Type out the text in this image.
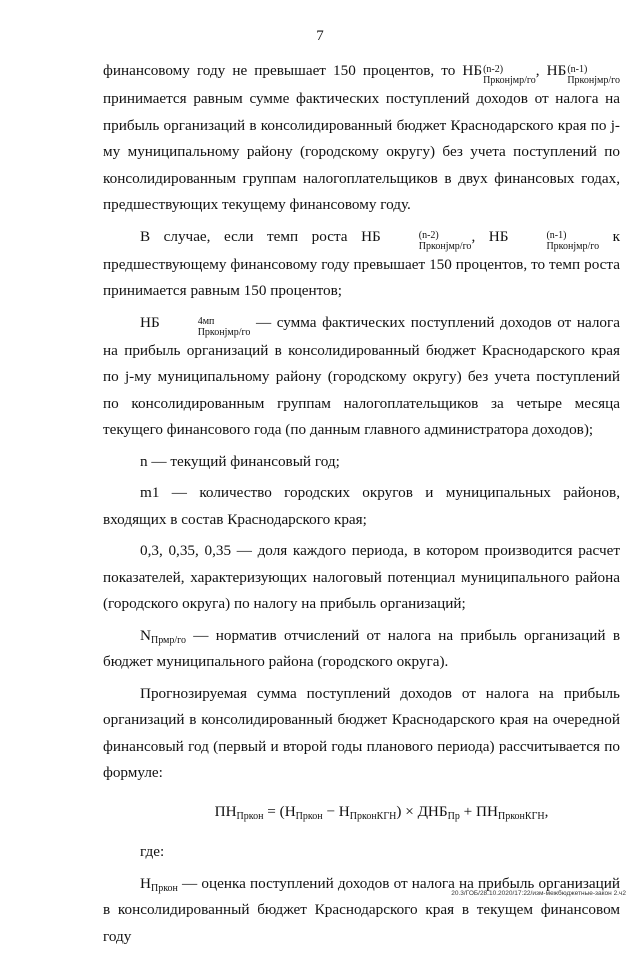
7

финансовому году не превышает 150 процентов, то НБ (n-2)
Прконjмр/го
, НБ (n-1)
Прконjмр/го
принимается равным сумме фактических поступлений доходов от налога на прибыль организаций в консолидированный бюджет Краснодарского края по j-му муниципальному району (городскому округу) без учета поступлений по консолидированным группам налогоплательщиков в двух финансовых годах, предшествующих текущему финансовому году.

В случае, если темп роста НБ	(n-2)
Прконjмр/го
, НБ	(n-1)
Прконjмр/го
к предшествующему финансовому году превышает 150 процентов, то темп роста принимается равным 150 процентов;

НБ	4мп
Прконjмр/го
— сумма фактических поступлений доходов от налога на прибыль организаций в консолидированный бюджет Краснодарского края по j-му муниципальному району (городскому округу) без учета поступлений по консолидированным группам налогоплательщиков за четыре месяца текущего финансового года (по данным главного администратора доходов);

n — текущий финансовый год;

m1 — количество городских округов и муниципальных районов, входящих в состав Краснодарского края;

0,3, 0,35, 0,35 — доля каждого периода, в котором производится расчет показателей, характеризующих налоговый потенциал муниципального района (городского округа) по налогу на прибыль организаций;

$N_{Прмр/го}$ — норматив отчислений от налога на прибыль организаций в бюджет муниципального района (городского округа).

Прогнозируемая сумма поступлений доходов от налога на прибыль организаций в консолидированный бюджет Краснодарского края на очередной финансовый год (первый и второй годы планового периода) рассчитывается по формуле:

$ПН_{Пркон} = (Н_{Пркон} - Н_{ПрконКГН}) \times ДНБ_{Пр} + ПН_{ПрконКГН}$,

где:

$Н_{Пркон}$ — оценка поступлений доходов от налога на прибыль организаций в консолидированный бюджет Краснодарского края в текущем финансовом году

20.3/ГОБ/28.10.2020/17:22/изм-межбюджетные-закон 2.ч2
